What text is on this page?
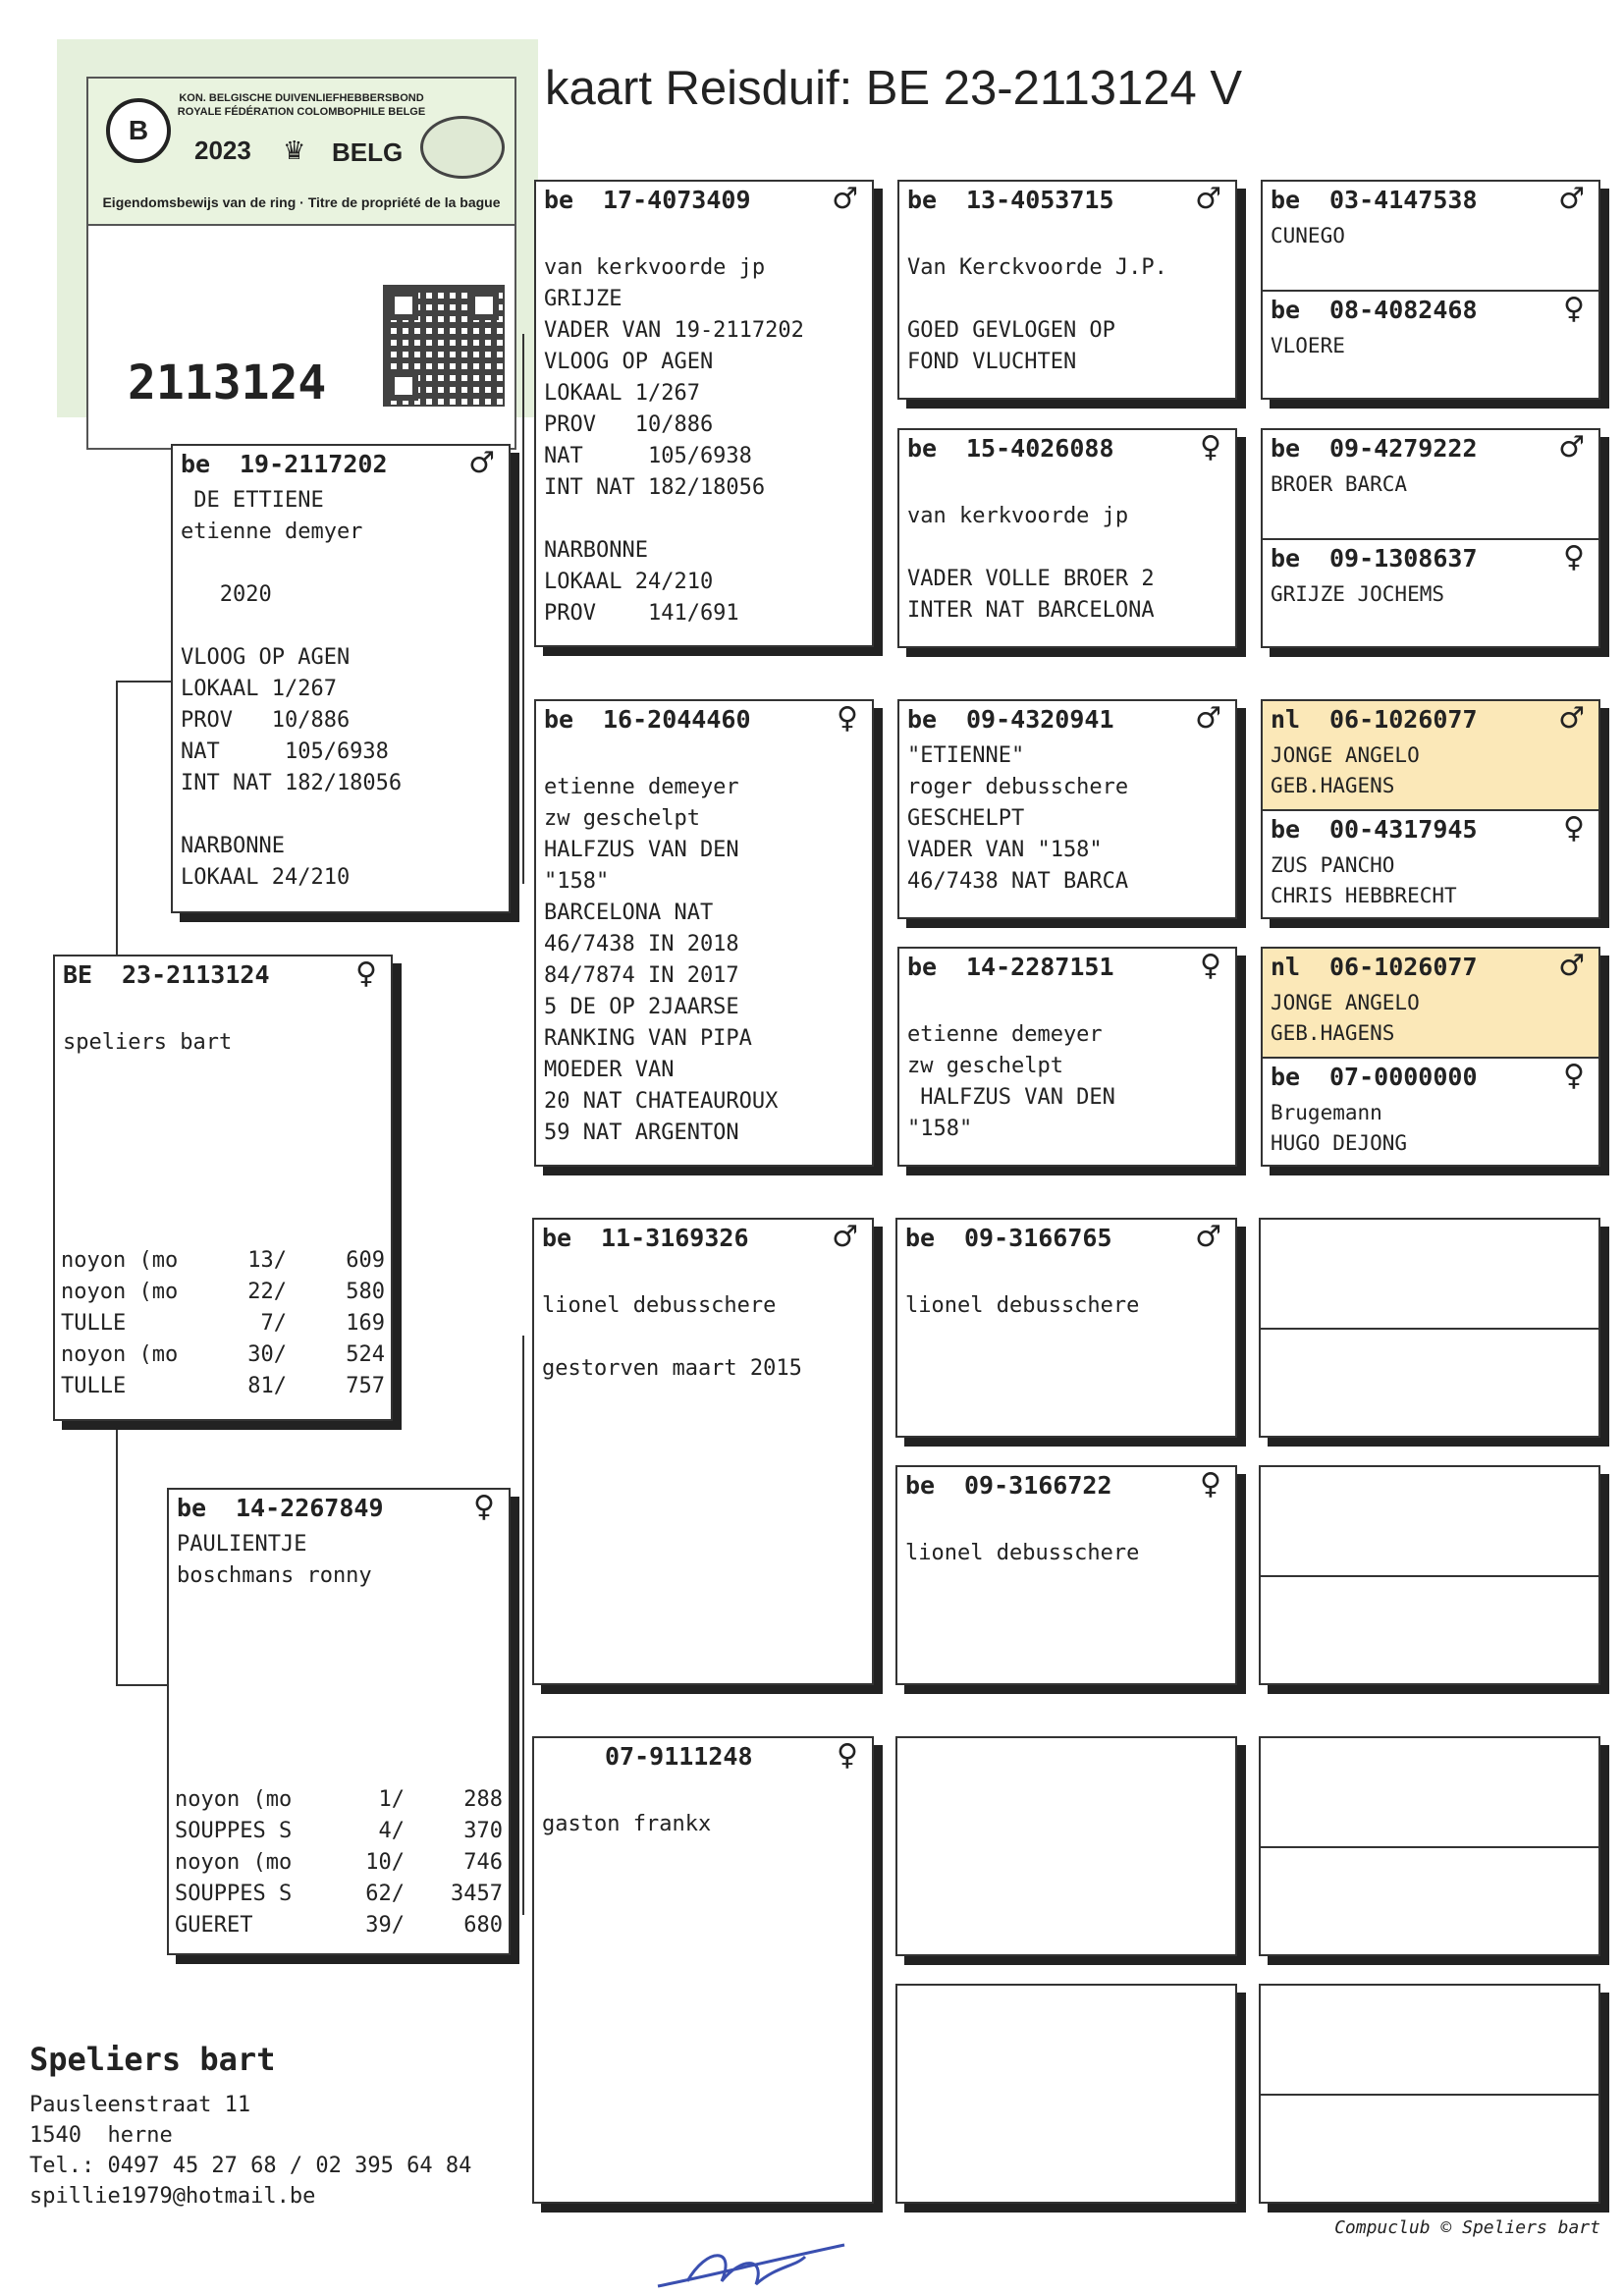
kaart Reisduif: BE 23-2113124 V
B
KON. BELGISCHE DUIVENLIEFHEBBERSBOND
ROYALE FÉDÉRATION COLOMBOPHILE BELGE
2023 ♛ BELG
Eigendomsbewijs van de ring · Titre de propriété de la bague
2113124
BE 23-2113124	♀
speliers bart
noyon (mo	13/	609
noyon (mo	22/	580
TULLE	7/	169
noyon (mo	30/	524
TULLE	81/	757
be 19-2117202	♂
DE ETTIENE
etienne demyer

2020

VLOOG OP AGEN
LOKAAL 1/267
PROV   10/886
NAT     105/6938
INT NAT 182/18056

NARBONNE
LOKAAL 24/210
be 14-2267849	♀
PAULIENTJE
boschmans ronny
noyon (mo	1/	288
SOUPPES S	4/	370
noyon (mo	10/	746
SOUPPES S	62/ 3457
GUERET	39/	680
be 17-4073409	♂
van kerkvoorde jp
GRIJZE
VADER VAN 19-2117202
VLOOG OP AGEN
LOKAAL 1/267
PROV   10/886
NAT     105/6938
INT NAT 182/18056

NARBONNE
LOKAAL 24/210
PROV    141/691
be 16-2044460	♀
etienne demeyer
zw geschelpt
HALFZUS VAN DEN
"158"
BARCELONA NAT
46/7438 IN 2018
84/7874 IN 2017
5 DE OP 2JAARSE
RANKING VAN PIPA
MOEDER VAN
20 NAT CHATEAUROUX
59 NAT ARGENTON
be 11-3169326	♂
lionel debusschere

gestorven maart 2015
07-9111248	♀
gaston frankx
be 13-4053715	♂
Van Kerckvoorde J.P.

GOED GEVLOGEN OP
FOND VLUCHTEN
be 15-4026088	♀
van kerkvoorde jp

VADER VOLLE BROER 2
INTER NAT BARCELONA
be 09-4320941	♂
"ETIENNE"
roger debusschere
GESCHELPT
VADER VAN "158"
46/7438 NAT BARCA
be 14-2287151	♀
etienne demeyer
zw geschelpt
HALFZUS VAN DEN
"158"
be 09-3166765	♂
lionel debusschere
be 09-3166722	♀
lionel debusschere
be 03-4147538	♂
CUNEGO
be 08-4082468	♀
VLOERE
be 09-4279222	♂
BROER BARCA
be 09-1308637	♀
GRIJZE JOCHEMS
nl 06-1026077	♂
JONGE ANGELO
GEB.HAGENS
be 00-4317945	♀
ZUS PANCHO
CHRIS HEBBRECHT
nl 06-1026077	♂
JONGE ANGELO
GEB.HAGENS
be 07-0000000	♀
Brugemann
HUGO DEJONG
Speliers bart
Pausleenstraat 11
1540  herne
Tel.: 0497 45 27 68 / 02 395 64 84
spillie1979@hotmail.be
Compuclub © Speliers bart
